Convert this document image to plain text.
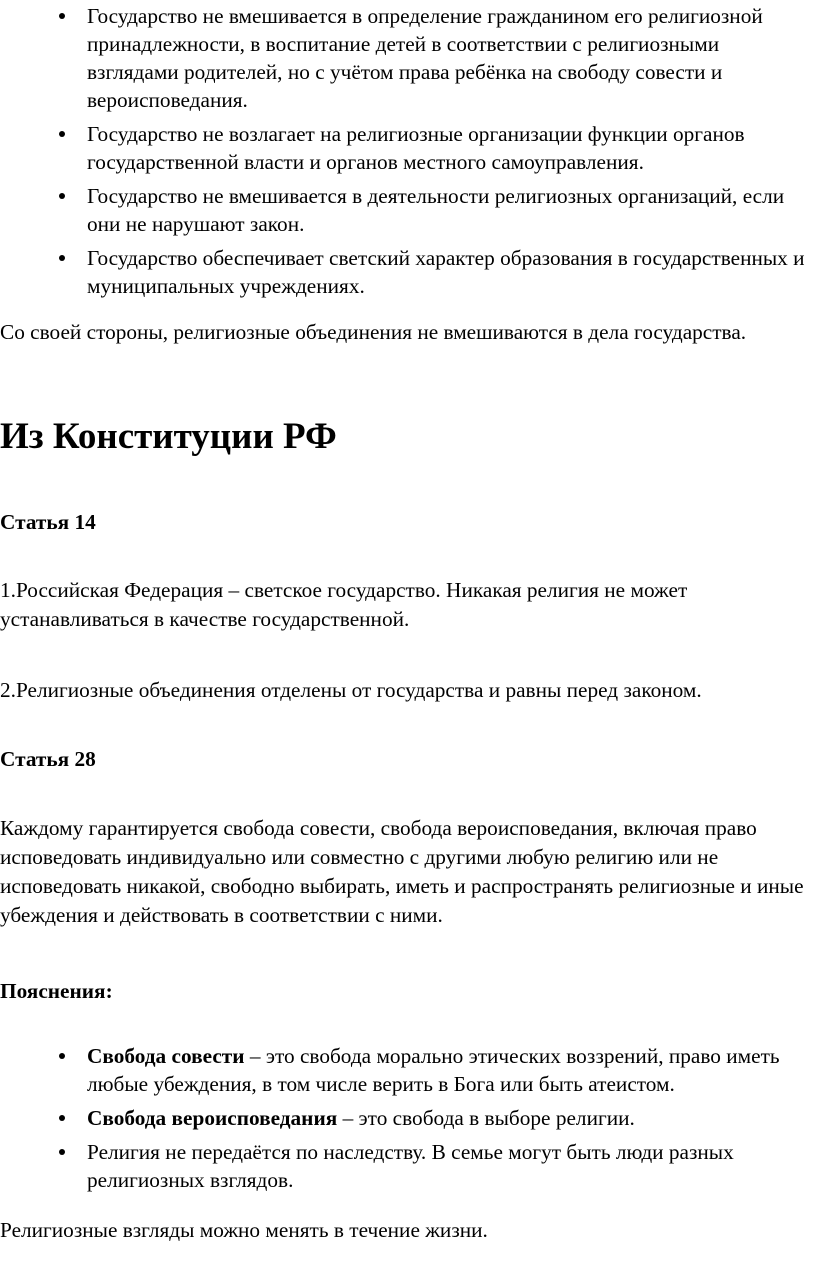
Государство не вмешивается в определение гражданином его религиозной принадлежности, в воспитание детей в соответствии с религиозными взглядами родителей, но с учётом права ребёнка на свободу совести и вероисповедания.
Государство не возлагает на религиозные организации функции органов государственной власти и органов местного самоуправления.
Государство не вмешивается в деятельности религиозных организаций, если они не нарушают закон.
Государство обеспечивает светский характер образования в государственных и муниципальных учреждениях.

Со своей стороны, религиозные объединения не вмешиваются в дела государства.

Из Конституции РФ
Статья 14

1.Российская Федерация – светское государство. Никакая религия не может устанавливаться в качестве государственной.

2.Религиозные объединения отделены от государства и равны перед законом.

Статья 28

Каждому гарантируется свобода совести, свобода вероисповедания, включая право исповедовать индивидуально или совместно с другими любую религию или не исповедовать никакой, свободно выбирать, иметь и распространять религиозные и иные убеждения и действовать в соответствии с ними.

Пояснения:
Свобода совести – это свобода морально этических воззрений, право иметь любые убеждения, в том числе верить в Бога или быть атеистом.
Свобода вероисповедания – это свобода в выборе религии.
Религия не передаётся по наследству. В семье могут быть люди разных религиозных взглядов.

Религиозные взгляды можно менять в течение жизни.
